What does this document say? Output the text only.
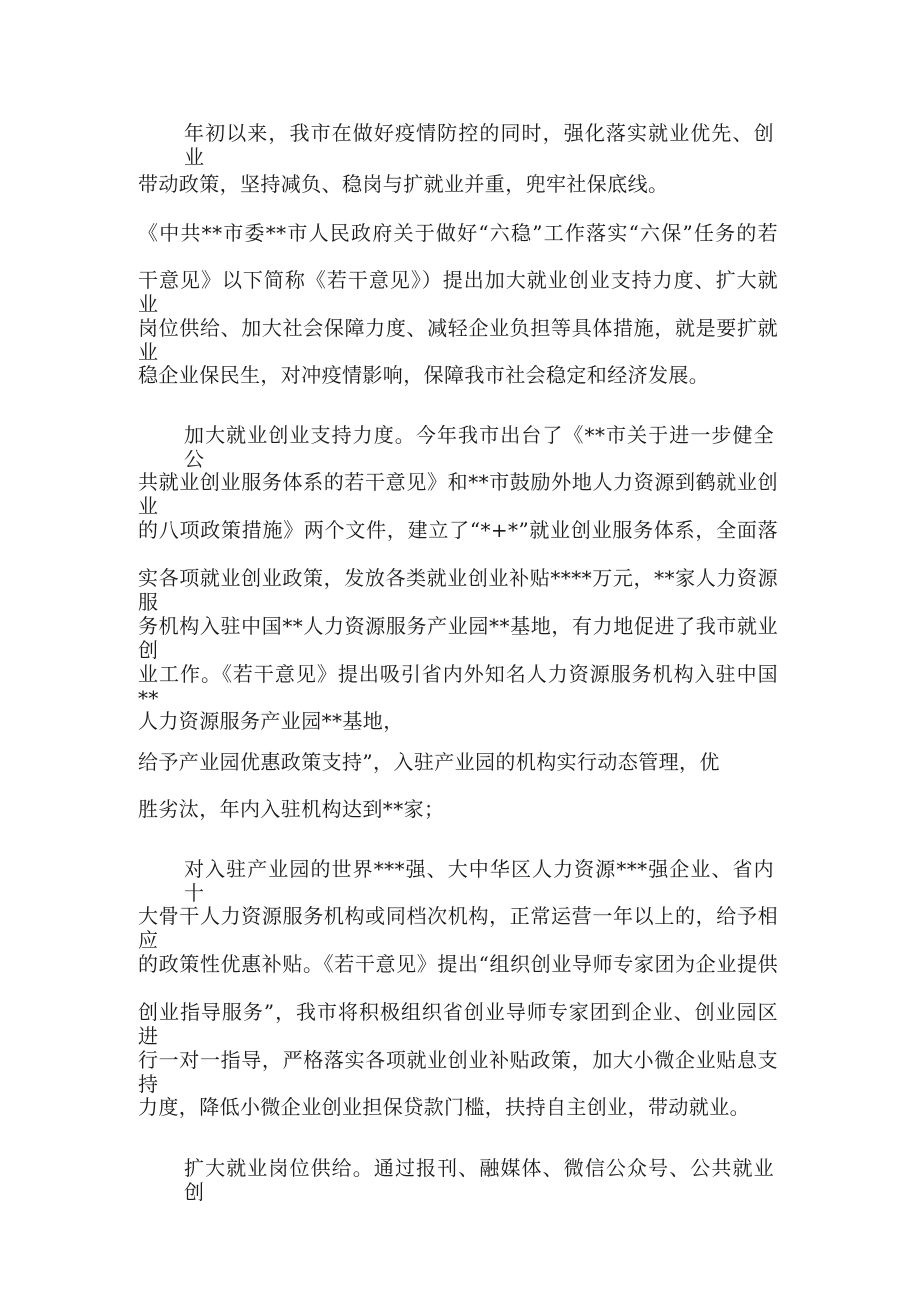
年初以来，我市在做好疫情防控的同时，强化落实就业优先、创业
带动政策，坚持减负、稳岗与扩就业并重，兜牢社保底线。
《中共**市委**市人民政府关于做好“六稳”工作落实“六保”任务的若
干意见》以下简称《若干意见》）提出加大就业创业支持力度、扩大就业
岗位供给、加大社会保障力度、减轻企业负担等具体措施，就是要扩就业
稳企业保民生，对冲疫情影响，保障我市社会稳定和经济发展。
加大就业创业支持力度。今年我市出台了《**市关于进一步健全公
共就业创业服务体系的若干意见》和**市鼓励外地人力资源到鹤就业创业
的八项政策措施》两个文件，建立了“*+*”就业创业服务体系，全面落
实各项就业创业政策，发放各类就业创业补贴****万元，**家人力资源服
务机构入驻中国**人力资源服务产业园**基地，有力地促进了我市就业创
业工作。《若干意见》提出吸引省内外知名人力资源服务机构入驻中国**
人力资源服务产业园**基地，
给予产业园优惠政策支持”，入驻产业园的机构实行动态管理，优
胜劣汰，年内入驻机构达到**家；
对入驻产业园的世界***强、大中华区人力资源***强企业、省内十
大骨干人力资源服务机构或同档次机构，正常运营一年以上的，给予相应
的政策性优惠补贴。《若干意见》提出“组织创业导师专家团为企业提供
创业指导服务”，我市将积极组织省创业导师专家团到企业、创业园区进
行一对一指导，严格落实各项就业创业补贴政策，加大小微企业贴息支持
力度，降低小微企业创业担保贷款门槛，扶持自主创业，带动就业。
扩大就业岗位供给。通过报刊、融媒体、微信公众号、公共就业创
